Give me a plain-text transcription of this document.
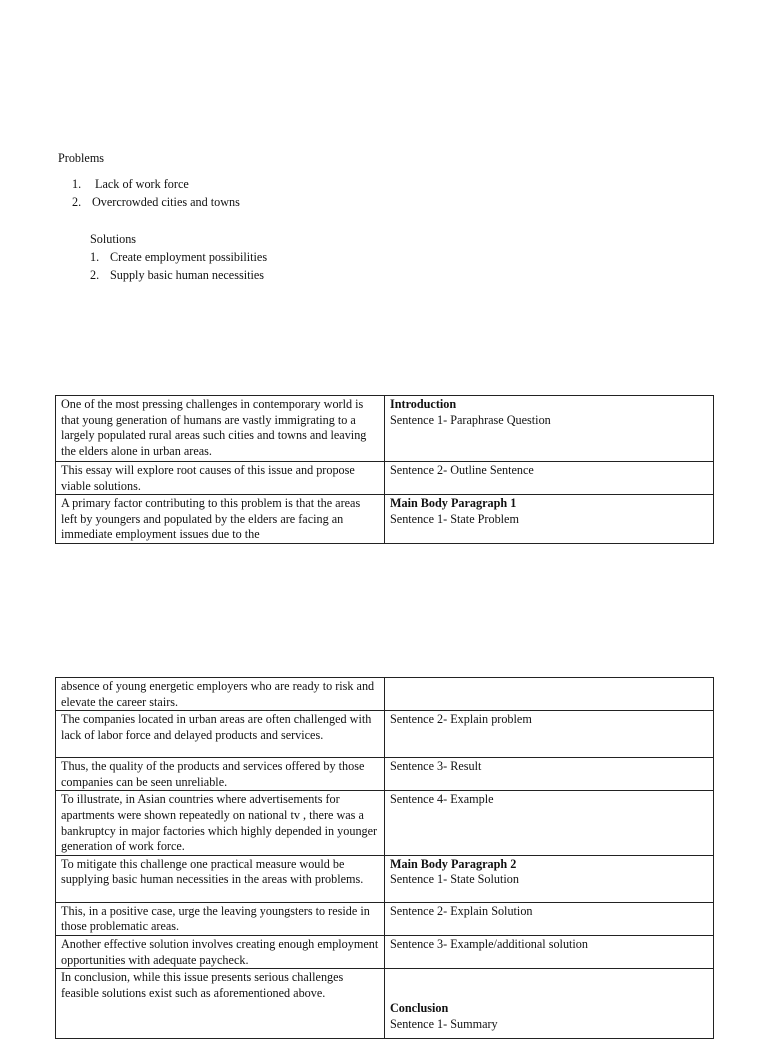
Problems
1. Lack of work force
2. Overcrowded cities and towns
Solutions
1. Create employment possibilities
2. Supply basic human necessities
One of the most pressing challenges in contemporary world is that young generation of humans are vastly immigrating to a largely populated rural areas such cities and towns and leaving the elders alone in urban areas.	Introduction
Sentence 1- Paraphrase Question

This essay will explore root causes of this issue and propose viable solutions.	Sentence 2- Outline Sentence

A primary factor contributing to this problem is that the areas left by youngers and populated by the elders are facing an immediate employment issues due to the	Main Body Paragraph 1
Sentence 1- State Problem
absence of young energetic employers who are ready to risk and elevate the career stairs.	
The companies located in urban areas are often challenged with lack of labor force and delayed products and services.	Sentence 2- Explain problem

Thus, the quality of the products and services offered by those companies can be seen unreliable.	Sentence 3- Result

To illustrate, in Asian countries where advertisements for apartments were shown repeatedly on national tv , there was a bankruptcy in major factories which highly depended in younger generation of work force.	Sentence 4- Example

To mitigate this challenge one practical measure would be supplying basic human necessities in the areas with problems.	Main Body Paragraph 2
Sentence 1- State Solution

This, in a positive case, urge the leaving youngsters to reside in those problematic areas.	Sentence 2- Explain Solution

Another effective solution involves creating enough employment opportunities with adequate paycheck.	Sentence 3- Example/additional solution

In conclusion, while this issue presents serious challenges feasible solutions exist such as aforementioned above.	Conclusion
Sentence 1- Summary
